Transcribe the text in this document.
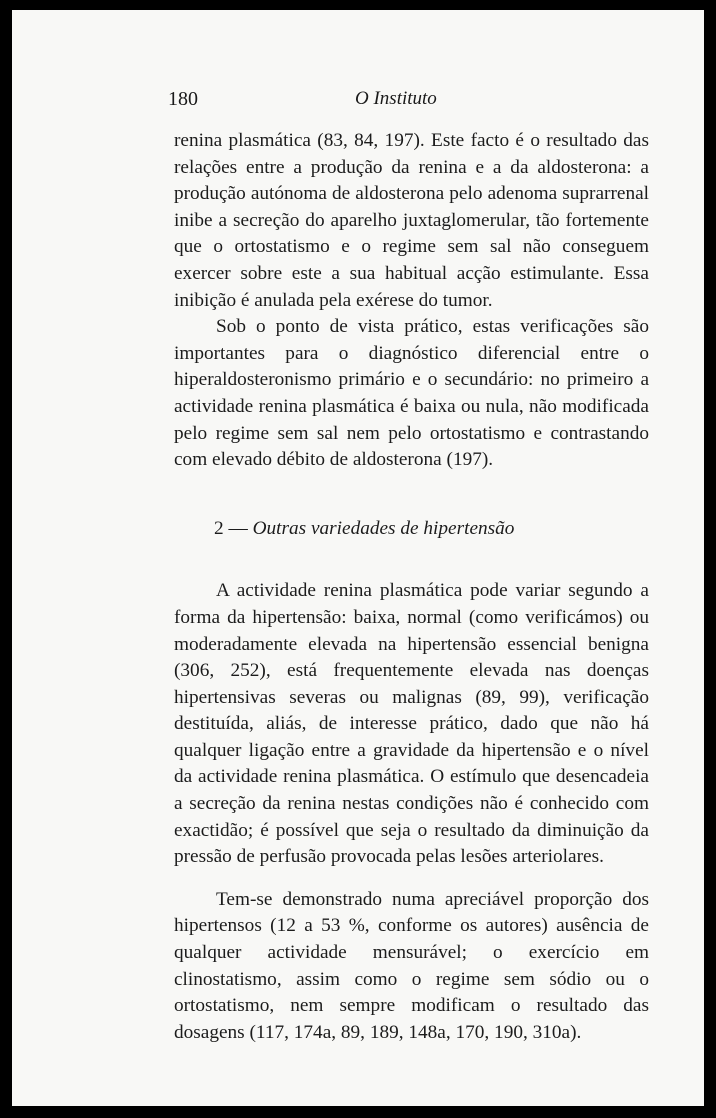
180	O Instituto

renina plasmática (83, 84, 197). Este facto é o resultado das relações entre a produção da renina e a da aldosterona: a produção autónoma de aldosterona pelo adenoma suprarrenal inibe a secreção do aparelho juxtaglomerular, tão fortemente que o ortostatismo e o regime sem sal não conseguem exercer sobre este a sua habitual acção estimulante. Essa inibição é anulada pela exérese do tumor.

Sob o ponto de vista prático, estas verificações são importantes para o diagnóstico diferencial entre o hiperaldosteronismo primário e o secundário: no primeiro a actividade renina plasmática é baixa ou nula, não modificada pelo regime sem sal nem pelo ortostatismo e contrastando com elevado débito de aldosterona (197).

2 — Outras variedades de hipertensão

A actividade renina plasmática pode variar segundo a forma da hipertensão: baixa, normal (como verificámos) ou moderadamente elevada na hipertensão essencial benigna (306, 252), está frequentemente elevada nas doenças hipertensivas severas ou malignas (89, 99), verificação destituída, aliás, de interesse prático, dado que não há qualquer ligação entre a gravidade da hipertensão e o nível da actividade renina plasmática. O estímulo que desencadeia a secreção da renina nestas condições não é conhecido com exactidão; é possível que seja o resultado da diminuição da pressão de perfusão provocada pelas lesões arteriolares.

Tem-se demonstrado numa apreciável proporção dos hipertensos (12 a 53 %, conforme os autores) ausência de qualquer actividade mensurável; o exercício em clinostatismo, assim como o regime sem sódio ou o ortostatismo, nem sempre modificam o resultado das dosagens (117, 174a, 89, 189, 148a, 170, 190, 310a).
